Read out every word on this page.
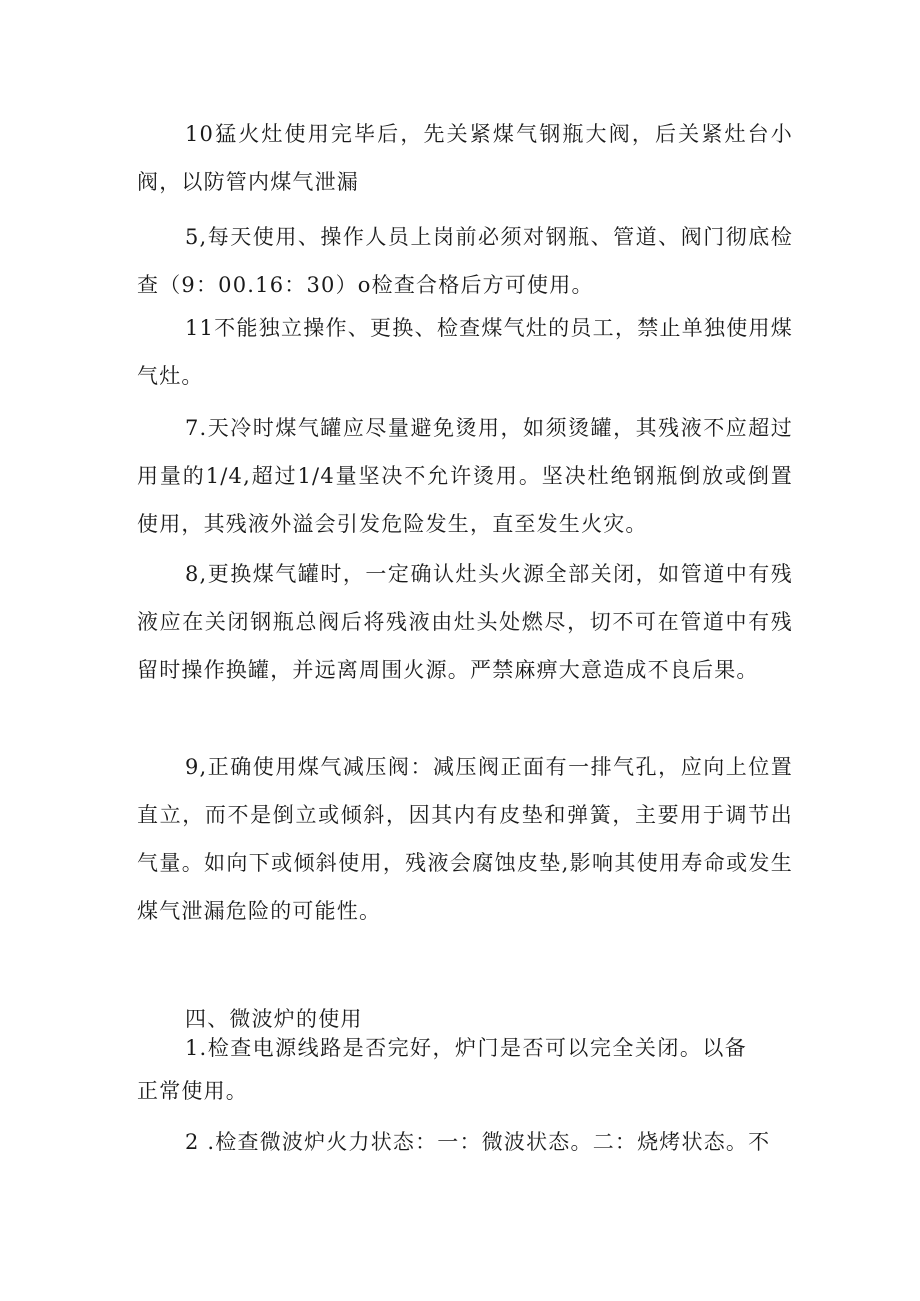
10猛火灶使用完毕后，先关紧煤气钢瓶大阀，后关紧灶台小阀，以防管内煤气泄漏

5,每天使用、操作人员上岗前必须对钢瓶、管道、阀门彻底检查（9：00.16：30）o检查合格后方可使用。

11不能独立操作、更换、检查煤气灶的员工，禁止单独使用煤气灶。

7.天冷时煤气罐应尽量避免烫用，如须烫罐，其残液不应超过用量的1/4,超过1/4量坚决不允许烫用。坚决杜绝钢瓶倒放或倒置使用，其残液外溢会引发危险发生，直至发生火灾。

8,更换煤气罐时，一定确认灶头火源全部关闭，如管道中有残液应在关闭钢瓶总阀后将残液由灶头处燃尽，切不可在管道中有残留时操作换罐，并远离周围火源。严禁麻痹大意造成不良后果。

9,正确使用煤气减压阀：减压阀正面有一排气孔，应向上位置直立，而不是倒立或倾斜，因其内有皮垫和弹簧，主要用于调节出气量。如向下或倾斜使用，残液会腐蚀皮垫,影响其使用寿命或发生煤气泄漏危险的可能性。

四、微波炉的使用

1.检查电源线路是否完好，炉门是否可以完全关闭。以备正常使用。

2 .检查微波炉火力状态：一：微波状态。二：烧烤状态。不
